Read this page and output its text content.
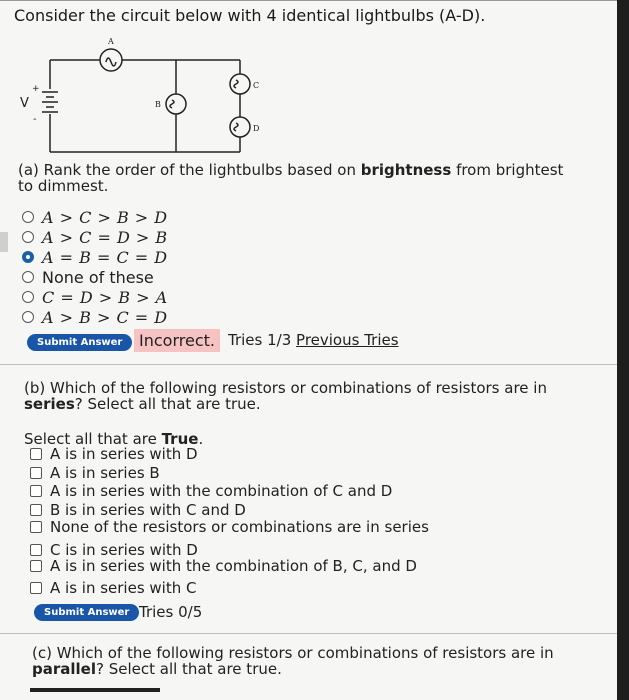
Consider the circuit below with 4 identical lightbulbs (A-D).
A
B
C
D
V
+
-
(a) Rank the order of the lightbulbs based on brightness from brightest
to dimmest.
A > C > B > D
A > C = D > B
A = B = C = D
None of these
C = D > B > A
A > B > C = D
Submit Answer	Incorrect. Tries 1/3 Previous Tries
(b) Which of the following resistors or combinations of resistors are in
series? Select all that are true.
Select all that are True.
A is in series with D
A is in series B
A is in series with the combination of C and D
B is in series with C and D
None of the resistors or combinations are in series
C is in series with D
A is in series with the combination of B, C, and D
A is in series with C
Submit Answer Tries 0/5
(c) Which of the following resistors or combinations of resistors are in
parallel? Select all that are true.
